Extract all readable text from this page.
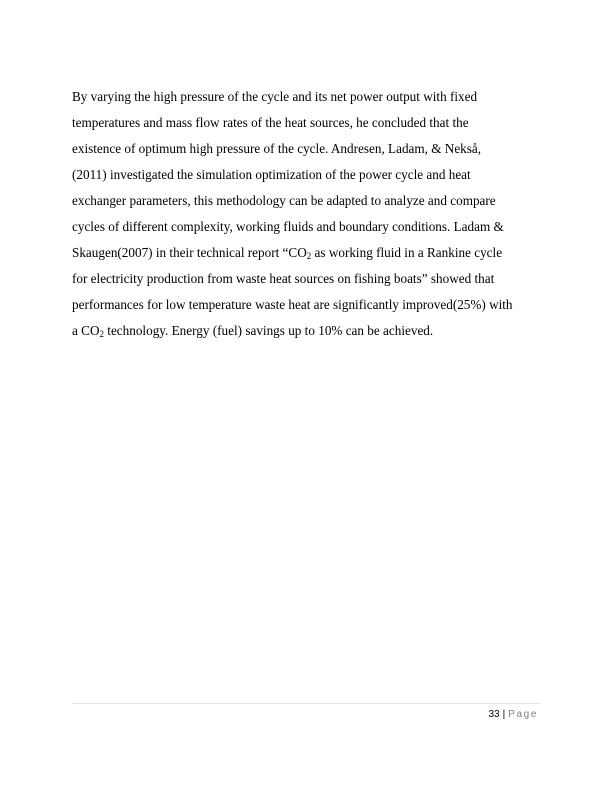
By varying the high pressure of the cycle and its net power output with fixed
temperatures and mass flow rates of the heat sources, he concluded that the
existence of optimum high pressure of the cycle. Andresen, Ladam, & Nekså,
(2011) investigated the simulation optimization of the power cycle and heat
exchanger parameters, this methodology can be adapted to analyze and compare
cycles of different complexity, working fluids and boundary conditions. Ladam &
Skaugen(2007) in their technical report “$CO_2$ as working fluid in a Rankine cycle
for electricity production from waste heat sources on fishing boats” showed that
performances for low temperature waste heat are significantly improved(25%) with
a $CO_2$ technology. Energy (fuel) savings up to 10% can be achieved.
33 | Page
